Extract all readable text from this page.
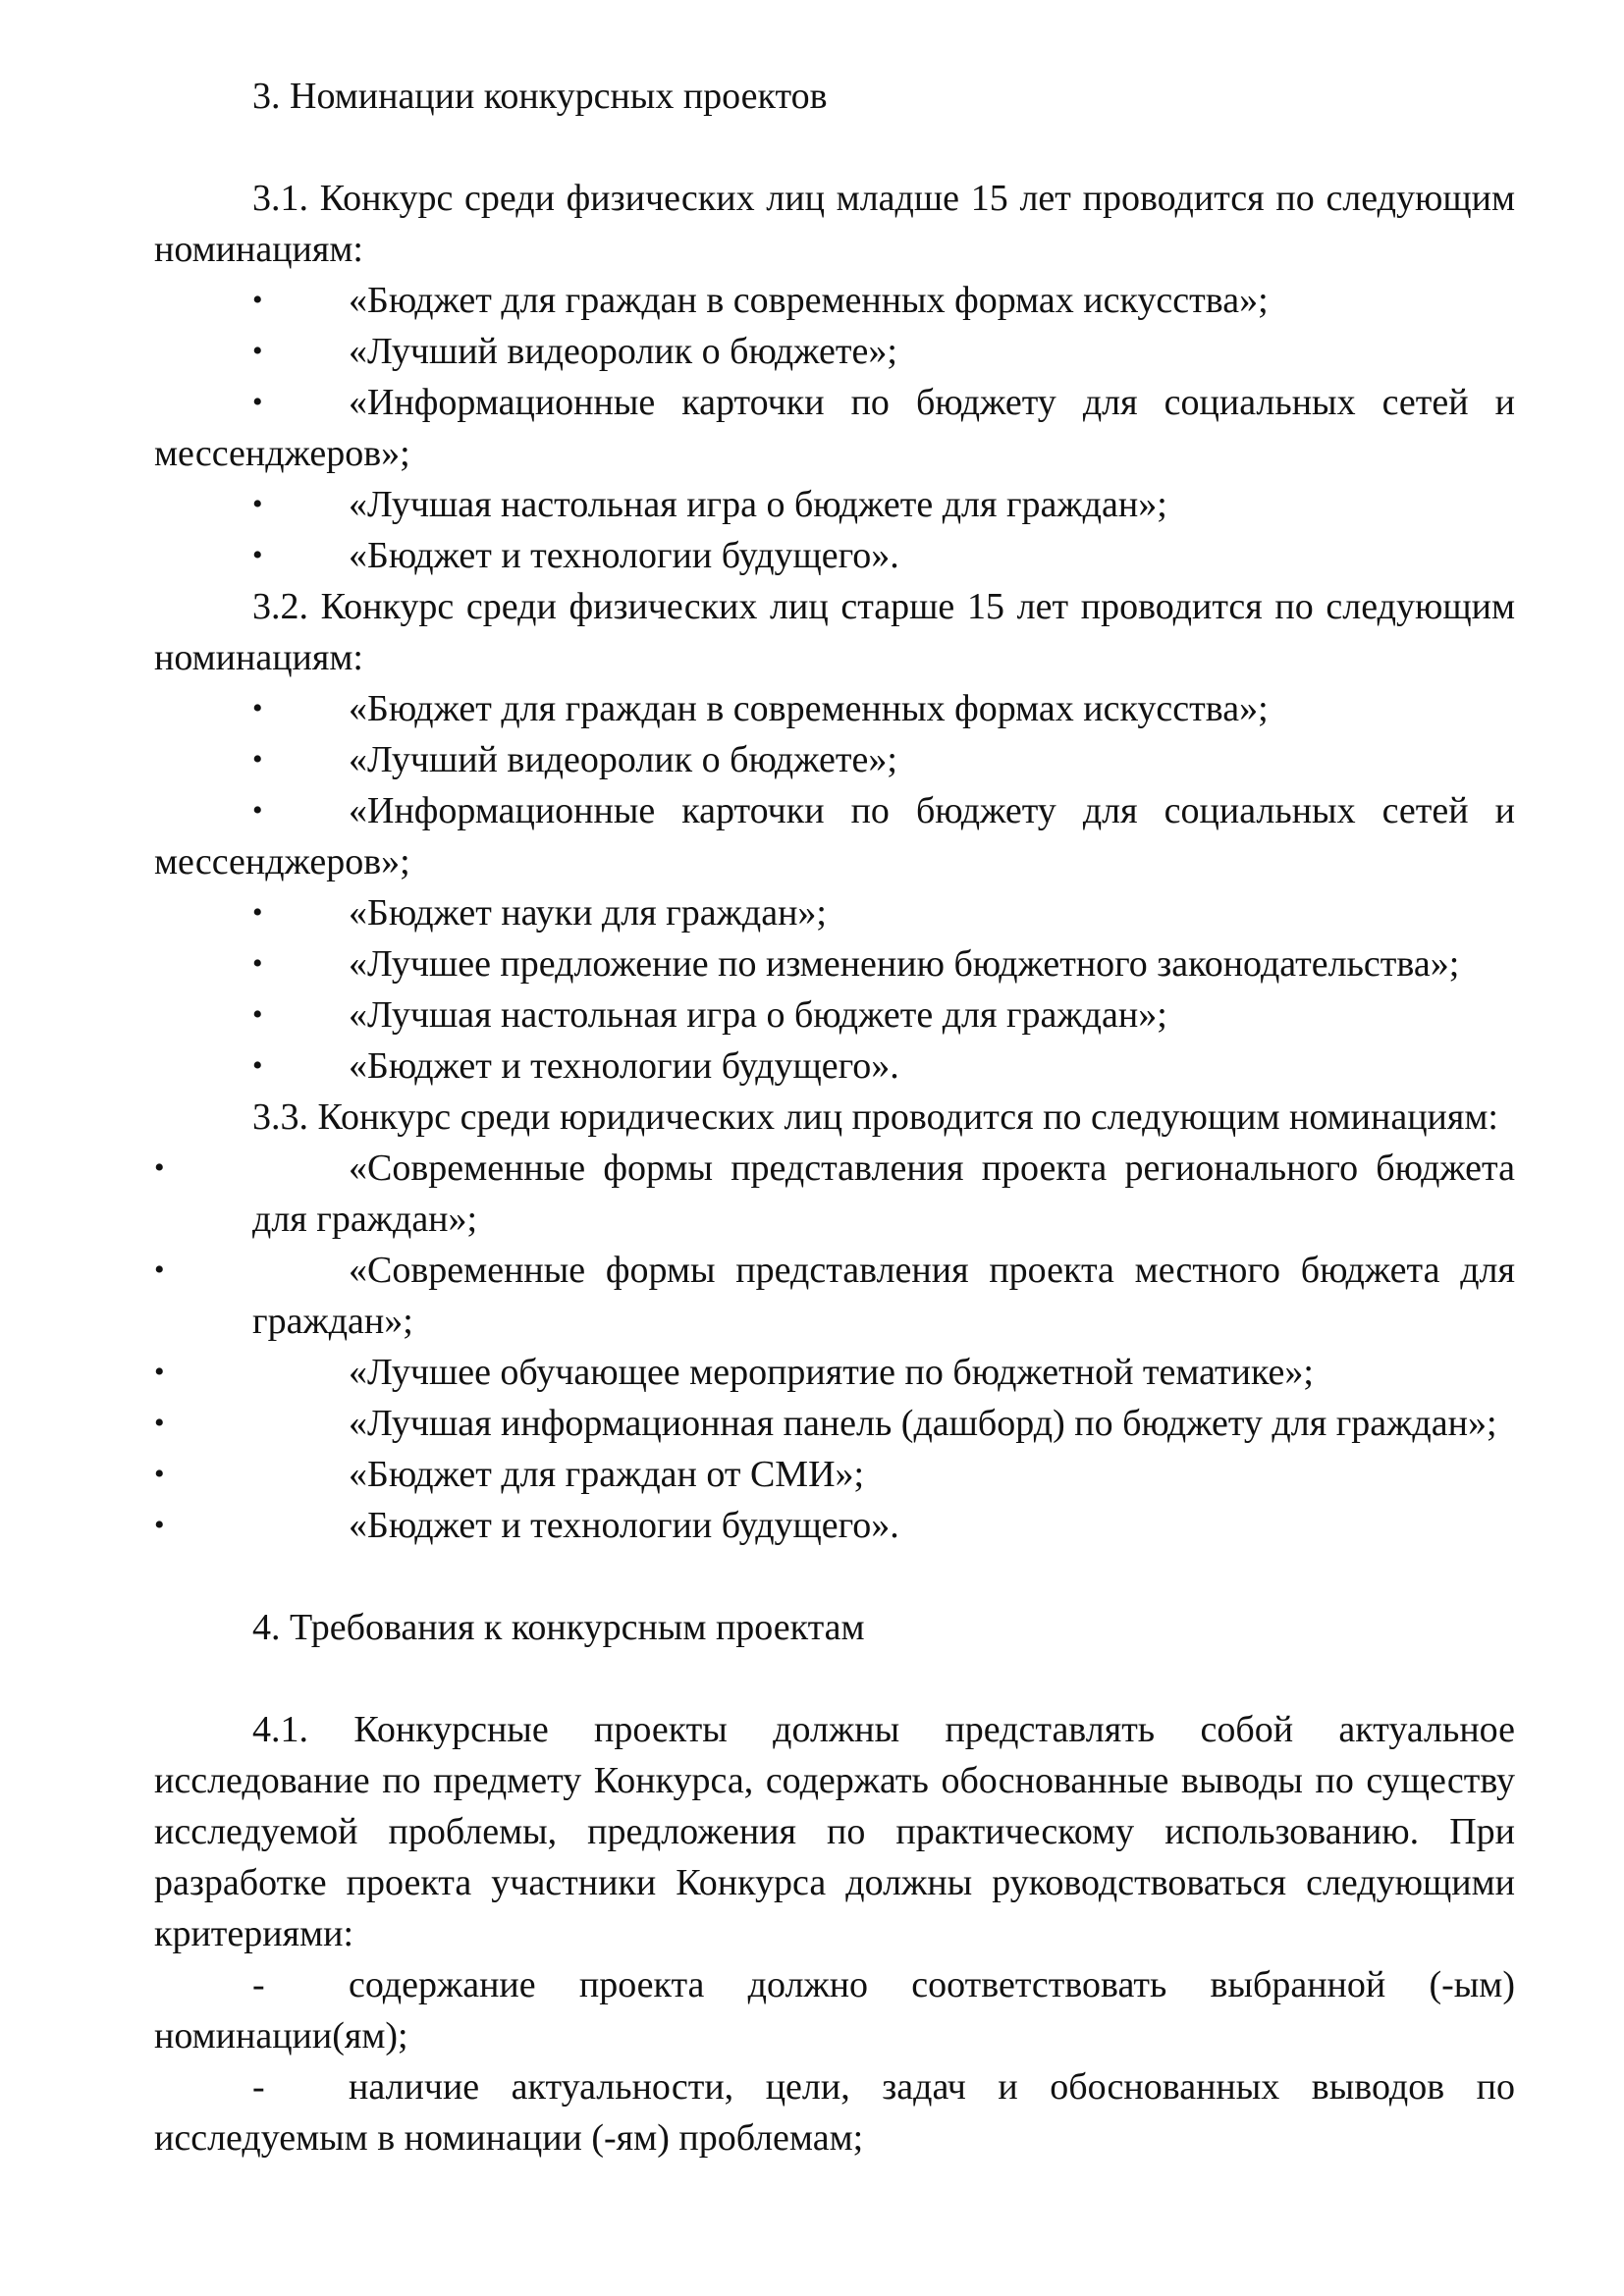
3. Номинации конкурсных проектов

3.1. Конкурс среди физических лиц младше 15 лет проводится по следующим номинациям:

• «Бюджет для граждан в современных формах искусства»;
• «Лучший видеоролик о бюджете»;
• «Информационные карточки по бюджету для социальных сетей и мессенджеров»;
• «Лучшая настольная игра о бюджете для граждан»;
• «Бюджет и технологии будущего».

3.2. Конкурс среди физических лиц старше 15 лет проводится по следующим номинациям:

• «Бюджет для граждан в современных формах искусства»;
• «Лучший видеоролик о бюджете»;
• «Информационные карточки по бюджету для социальных сетей и мессенджеров»;
• «Бюджет науки для граждан»;
• «Лучшее предложение по изменению бюджетного законодательства»;
• «Лучшая настольная игра о бюджете для граждан»;
• «Бюджет и технологии будущего».

3.3. Конкурс среди юридических лиц проводится по следующим номинациям:

•	«Современные формы представления проекта регионального бюджета для граждан»;
•	«Современные формы представления проекта местного бюджета для граждан»;
•	«Лучшее обучающее мероприятие по бюджетной тематике»;
•	«Лучшая информационная панель (дашборд) по бюджету для граждан»;
•	«Бюджет для граждан от СМИ»;
•	«Бюджет и технологии будущего».
4. Требования к конкурсным проектам

4.1. Конкурсные проекты должны представлять собой актуальное исследование по предмету Конкурса, содержать обоснованные выводы по существу исследуемой проблемы, предложения по практическому использованию. При разработке проекта участники Конкурса должны руководствоваться следующими критериями:

- содержание проекта должно соответствовать выбранной (-ым) номинации(ям);
- наличие актуальности, цели, задач и обоснованных выводов по исследуемым в номинации (-ям) проблемам;
